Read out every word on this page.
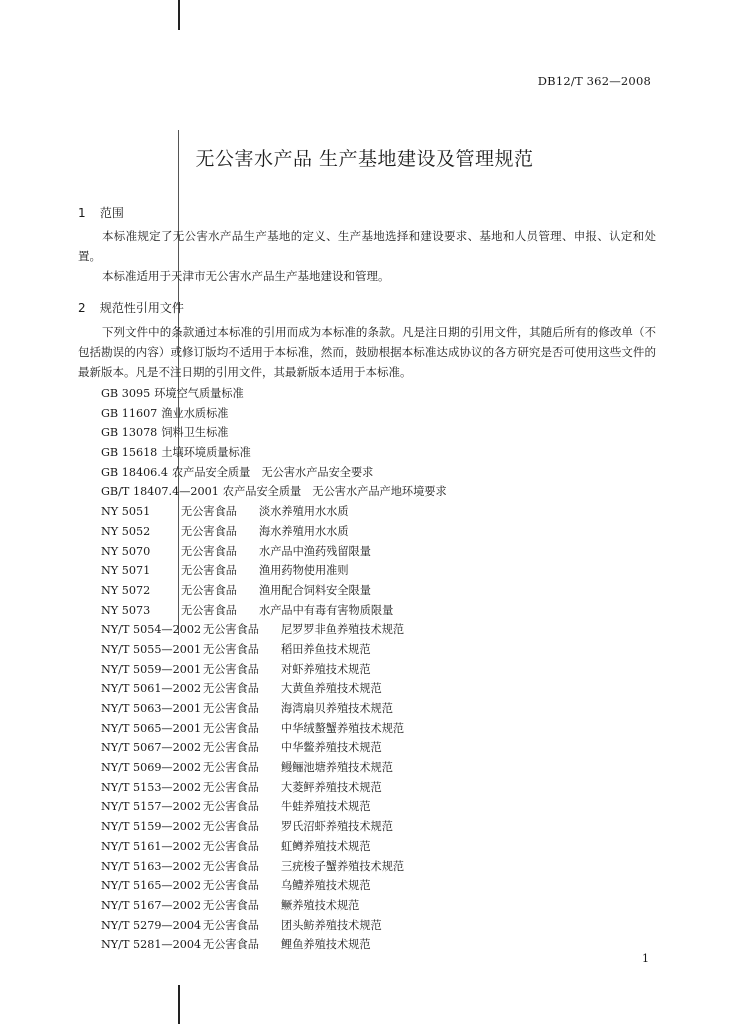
DB12/T 362—2008
无公害水产品 生产基地建设及管理规范
1 范围

本标准规定了无公害水产品生产基地的定义、生产基地选择和建设要求、基地和人员管理、申报、认定和处置。

本标准适用于天津市无公害水产品生产基地建设和管理。

2 规范性引用文件

下列文件中的条款通过本标准的引用而成为本标准的条款。凡是注日期的引用文件，其随后所有的修改单（不包括勘误的内容）或修订版均不适用于本标准，然而，鼓励根据本标准达成协议的各方研究是否可使用这些文件的最新版本。凡是不注日期的引用文件，其最新版本适用于本标准。

GB 3095 环境空气质量标准
GB 11607 渔业水质标准
GB 13078 饲料卫生标准
GB 15618 土壤环境质量标准
GB 18406.4 农产品安全质量　无公害水产品安全要求
GB/T 18407.4—2001 农产品安全质量　无公害水产品产地环境要求
NY 5051	无公害食品 淡水养殖用水水质
NY 5052	无公害食品 海水养殖用水水质
NY 5070	无公害食品 水产品中渔药残留限量
NY 5071	无公害食品 渔用药物使用准则
NY 5072	无公害食品 渔用配合饲料安全限量
NY 5073	无公害食品 水产品中有毒有害物质限量
NY/T 5054—2002 无公害食品 尼罗罗非鱼养殖技术规范
NY/T 5055—2001 无公害食品 稻田养鱼技术规范
NY/T 5059—2001 无公害食品 对虾养殖技术规范
NY/T 5061—2002 无公害食品 大黄鱼养殖技术规范
NY/T 5063—2001 无公害食品 海湾扇贝养殖技术规范
NY/T 5065—2001 无公害食品 中华绒螯蟹养殖技术规范
NY/T 5067—2002 无公害食品 中华鳖养殖技术规范
NY/T 5069—2002 无公害食品 鳗鲡池塘养殖技术规范
NY/T 5153—2002 无公害食品 大菱鲆养殖技术规范
NY/T 5157—2002 无公害食品 牛蛙养殖技术规范
NY/T 5159—2002 无公害食品 罗氏沼虾养殖技术规范
NY/T 5161—2002 无公害食品 虹鳟养殖技术规范
NY/T 5163—2002 无公害食品 三疣梭子蟹养殖技术规范
NY/T 5165—2002 无公害食品 乌鳢养殖技术规范
NY/T 5167—2002 无公害食品 鳜养殖技术规范
NY/T 5279—2004 无公害食品 团头鲂养殖技术规范
NY/T 5281—2004 无公害食品 鲤鱼养殖技术规范
1
